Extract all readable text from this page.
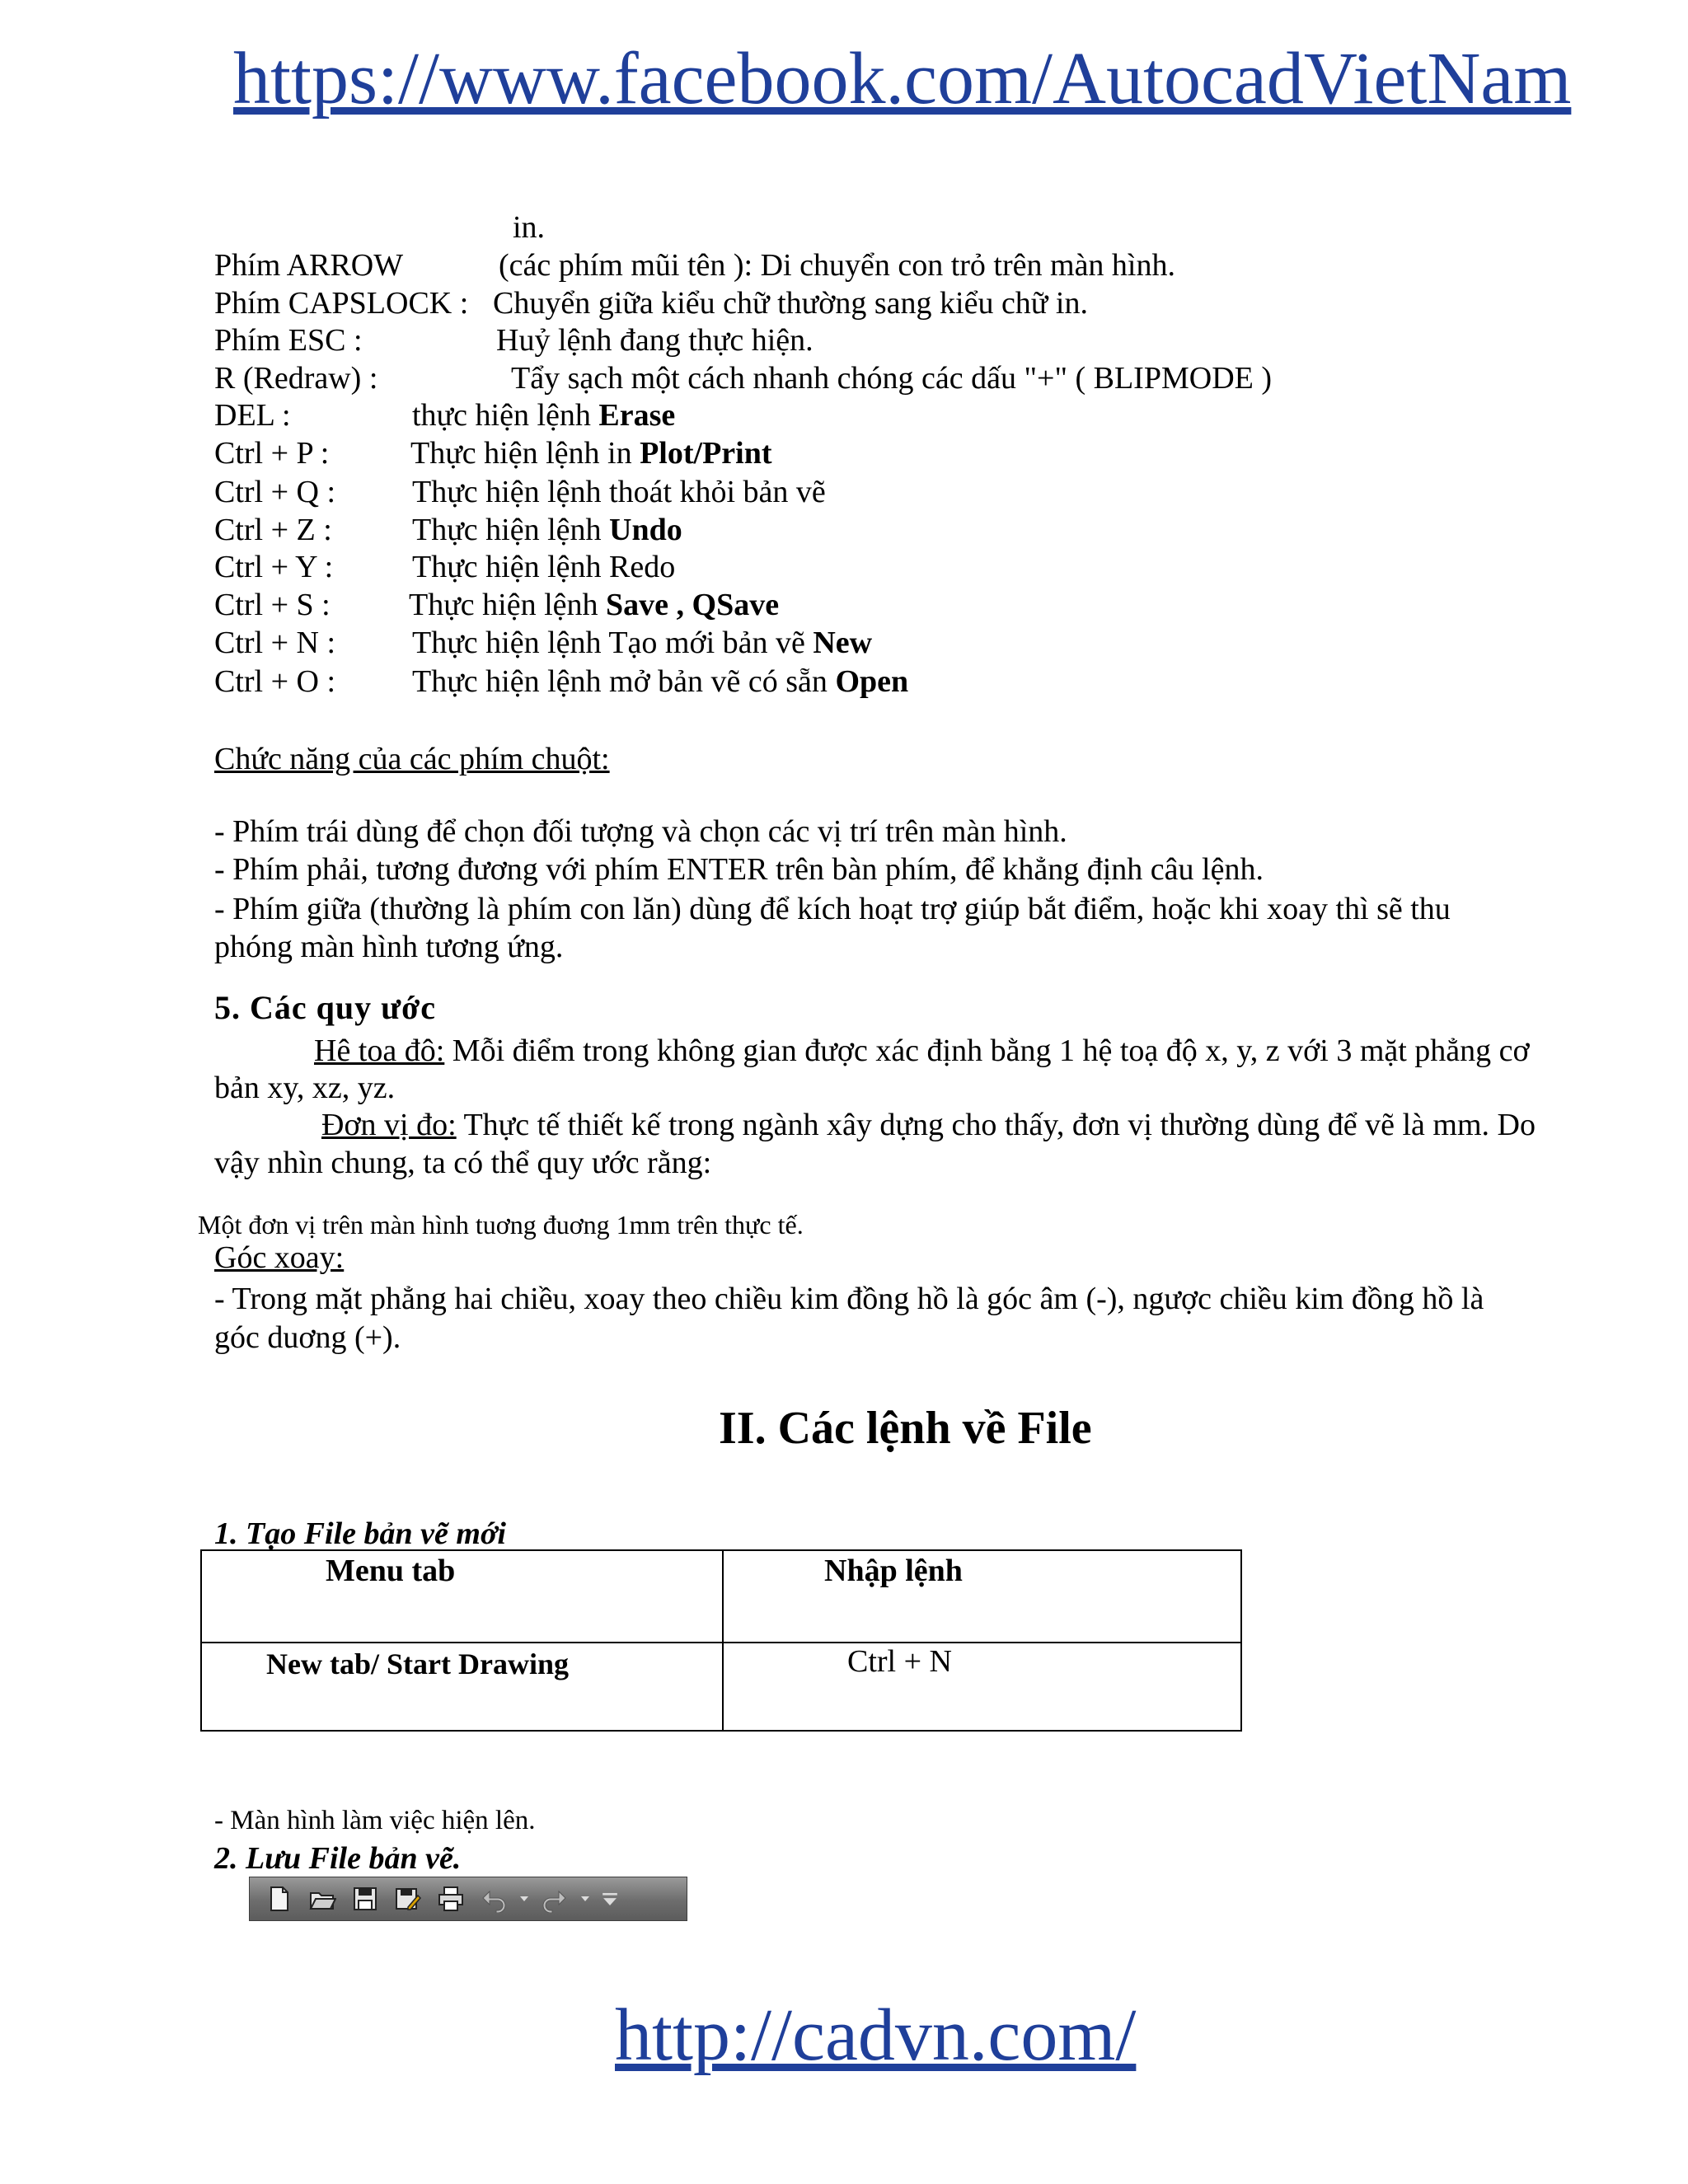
https://www.facebook.com/AutocadVietNam
in.
Phím ARROW	(các phím mũi tên ): Di chuyển con trỏ trên màn hình.
Phím CAPSLOCK : Chuyển giữa kiểu chữ thường sang kiểu chữ in.
Phím ESC :	Huỷ lệnh đang thực hiện.
R (Redraw) :	Tẩy sạch một cách nhanh chóng các dấu "+" ( BLIPMODE )
DEL :	thực hiện lệnh Erase
Ctrl + P :	Thực hiện lệnh in Plot/Print
Ctrl + Q : Thực hiện lệnh thoát khỏi bản vẽ
Ctrl + Z :	Thực hiện lệnh Undo
Ctrl + Y :	Thực hiện lệnh Redo
Ctrl + S :	Thực hiện lệnh Save , QSave
Ctrl + N : Thực hiện lệnh Tạo mới bản vẽ New
Ctrl + O : Thực hiện lệnh mở bản vẽ có sẵn Open
Chức năng của các phím chuột:
- Phím trái dùng để chọn đối tượng và chọn các vị trí trên màn hình.
- Phím phải, tương đương với phím ENTER trên bàn phím, để khẳng định câu lệnh.
- Phím giữa (thường là phím con lăn) dùng để kích hoạt trợ giúp bắt điểm, hoặc khi xoay thì sẽ thu
phóng màn hình tương ứng.
5. Các quy ước
Hê toa đô: Mỗi điểm trong không gian được xác định bằng 1 hệ toạ độ x, y, z với 3 mặt phẳng cơ
bản xy, xz, yz.
Đơn vị đo: Thực tế thiết kế trong ngành xây dựng cho thấy, đơn vị thường dùng để vẽ là mm. Do
vậy nhìn chung, ta có thể quy ước rằng:
Một đơn vị trên màn hình tuơng đuơng 1mm trên thực tế.
Góc xoay:
- Trong mặt phẳng hai chiều, xoay theo chiều kim đồng hồ là góc âm (-), ngược chiều kim đồng hồ là
góc duơng (+).
II. Các lệnh về File
1. Tạo File bản vẽ mới
Menu tab	Nhập lệnh
New tab/ Start Drawing	Ctrl + N
- Màn hình làm việc hiện lên.
2. Lưu File bản vẽ.
http://cadvn.com/
